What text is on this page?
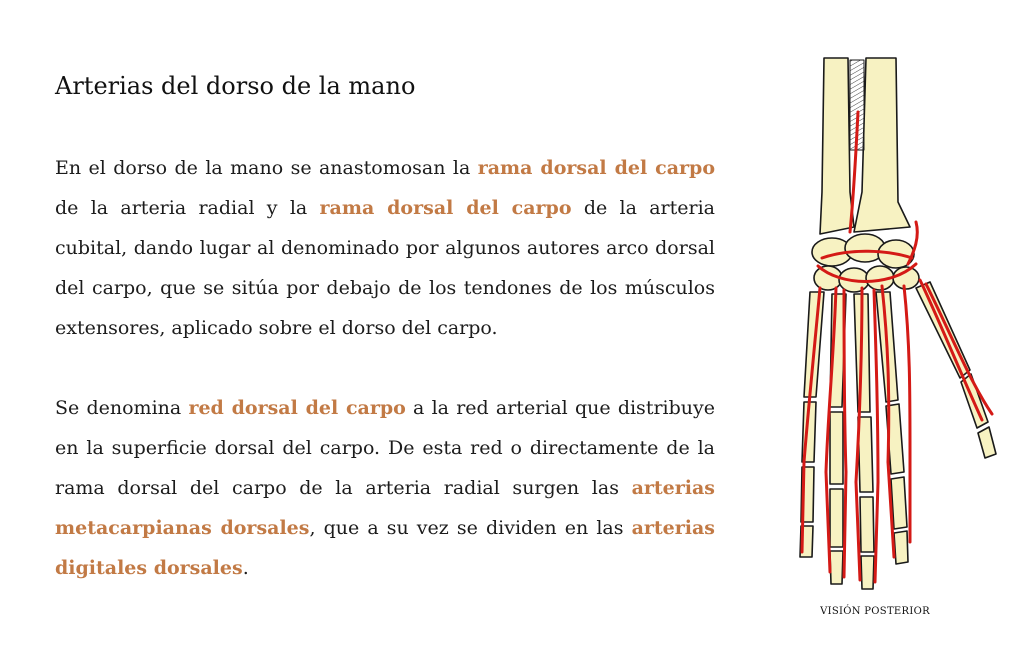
Arterias del dorso de la mano

En el dorso de la mano se anastomosan la rama dorsal del carpo de la arteria radial y la rama dorsal del carpo de la arteria cubital, dando lugar al denominado por algunos autores arco dorsal del carpo, que se sitúa por debajo de los tendones de los músculos extensores, aplicado sobre el dorso del carpo.

Se denomina red dorsal del carpo a la red arterial que distribuye en la superficie dorsal del carpo. De esta red o directamente de la rama dorsal del carpo de la arteria radial surgen las arterias metacarpianas dorsales, que a su vez se dividen en las arterias digitales dorsales.

VISIÓN POSTERIOR
